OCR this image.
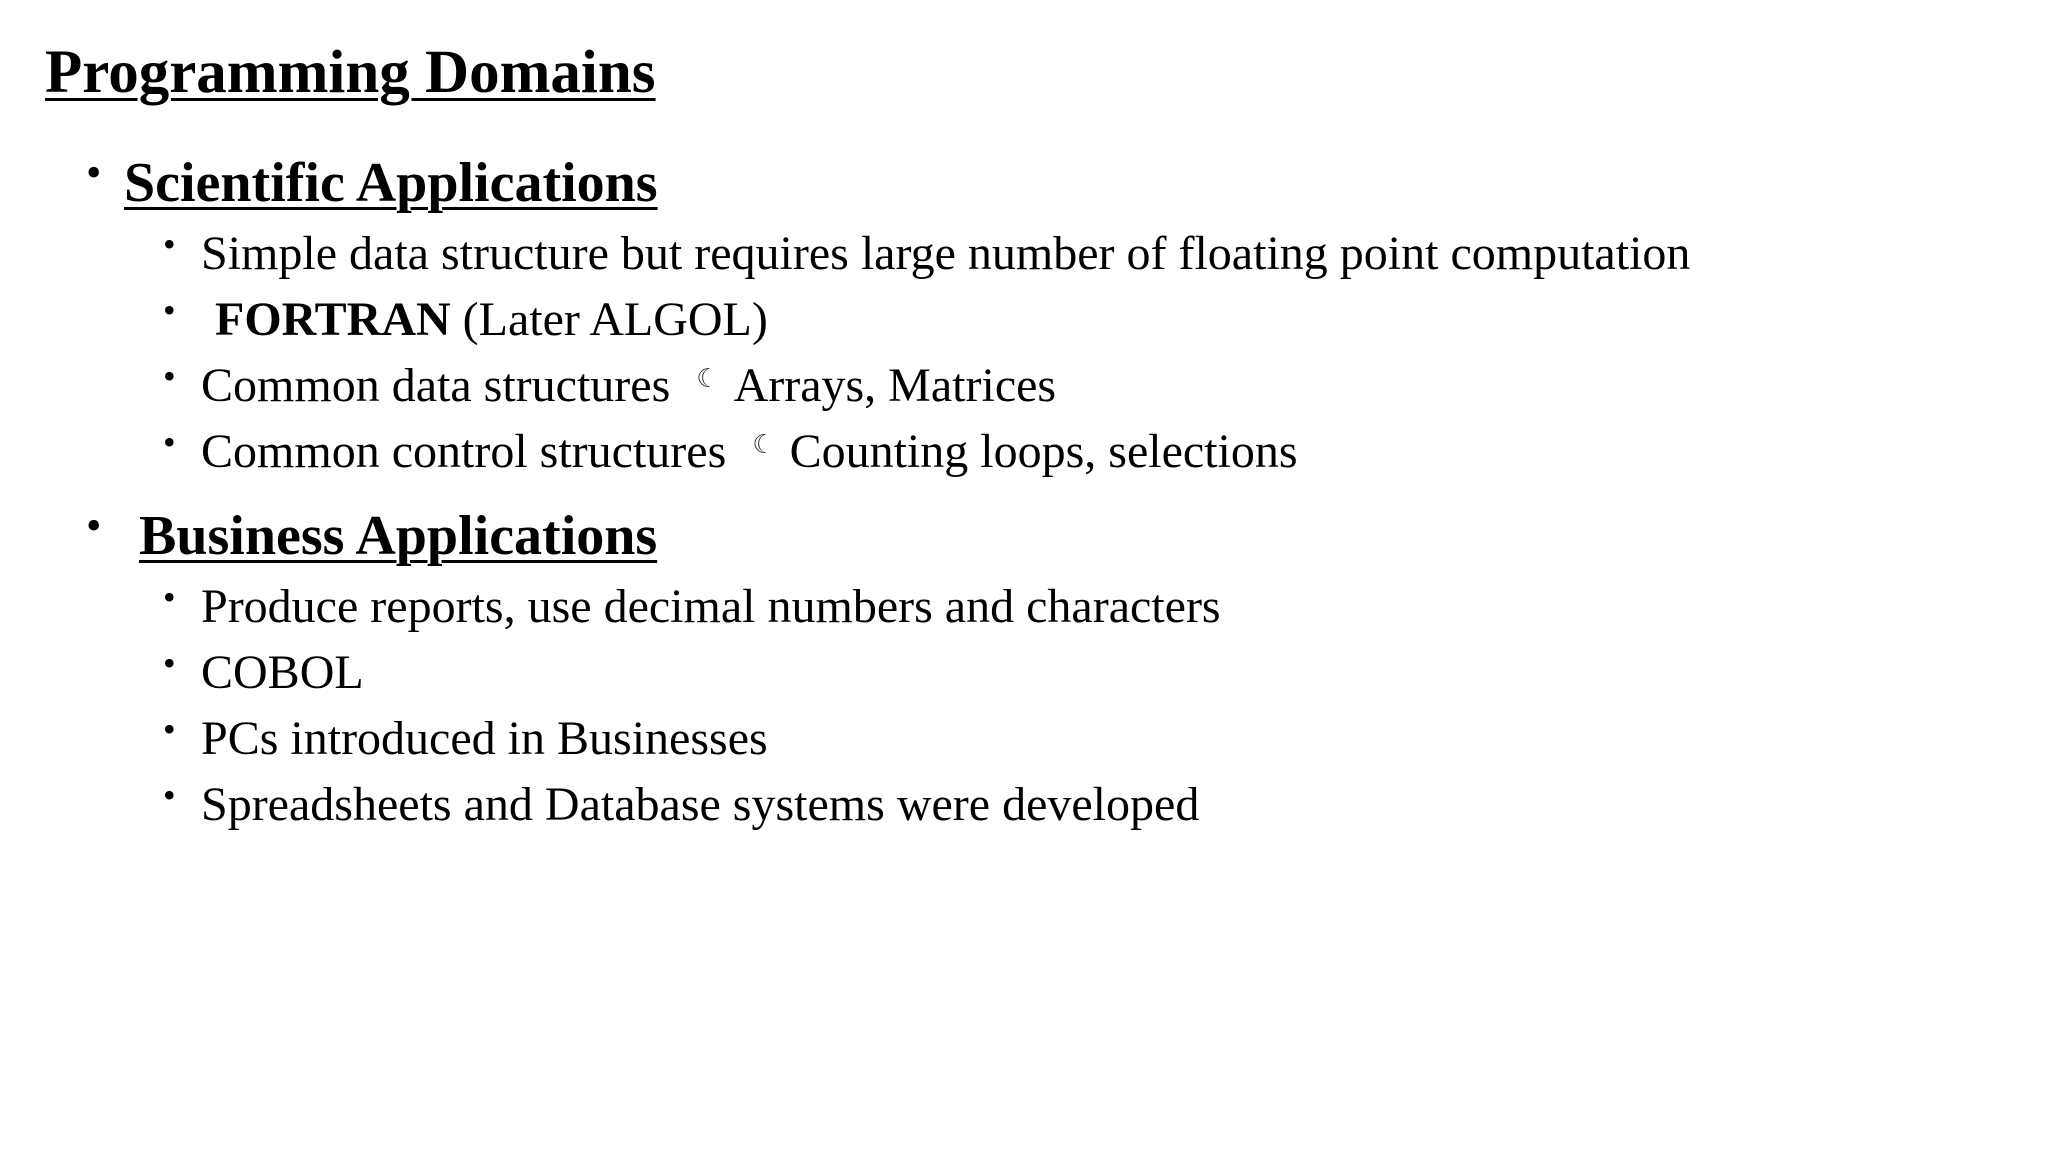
Programming Domains
• Scientific Applications
• Simple data structure but requires large number of floating point computation
• FORTRAN (Later ALGOL)
• Common data structures ☾ Arrays, Matrices
• Common control structures ☾ Counting loops, selections
• Business Applications
• Produce reports, use decimal numbers and characters
• COBOL
• PCs introduced in Businesses
• Spreadsheets and Database systems were developed
